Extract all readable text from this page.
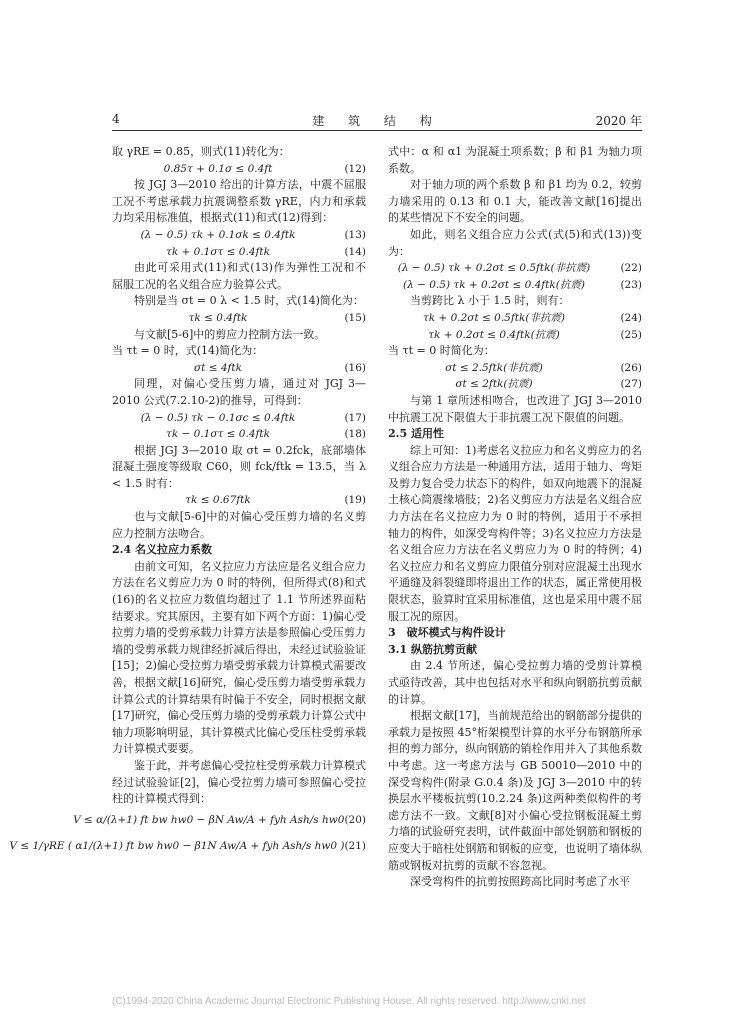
4	建 筑 结 构	2020 年

取 γRE = 0.85，则式(11)转化为：

0.85τ + 0.1σ ≤ 0.4ft	(12)

按 JGJ 3—2010 给出的计算方法，中震不屈服工况不考虑承载力抗震调整系数 γRE，内力和承载力均采用标准值，根据式(11)和式(12)得到：

(λ − 0.5) τk + 0.1σk ≤ 0.4ftk	(13)
τk + 0.1στ ≤ 0.4ftk	(14)

由此可采用式(11)和式(13)作为弹性工况和不屈服工况的名义组合应力验算公式。

特别是当 σt = 0 λ < 1.5 时，式(14)简化为：

τk ≤ 0.4ftk	(15)

与文献[5-6]中的剪应力控制方法一致。

当 τt = 0 时，式(14)简化为：

σt ≤ 4ftk	(16)

同理，对偏心受压剪力墙，通过对 JGJ 3—2010 公式(7.2.10-2)的推导，可得到：

(λ − 0.5) τk − 0.1σc ≤ 0.4ftk	(17)
τk − 0.1στ ≤ 0.4ftk	(18)

根据 JGJ 3—2010 取 σt = 0.2fck，底部墙体混凝土强度等级取 C60，则 fck/ftk = 13.5，当 λ < 1.5 时有：

τk ≤ 0.67ftk	(19)

也与文献[5-6]中的对偏心受压剪力墙的名义剪应力控制方法吻合。

2.4 名义拉应力系数

由前文可知，名义拉应力方法应是名义组合应力方法在名义剪应力为 0 时的特例，但所得式(8)和式(16)的名义拉应力数值均超过了 1.1 节所述界面粘结要求。究其原因，主要有如下两个方面：1)偏心受拉剪力墙的受剪承载力计算方法是参照偏心受压剪力墙的受剪承载力规律经折减后得出，未经过试验验证[15]；2)偏心受拉剪力墙受剪承载力计算模式需要改善，根据文献[16]研究，偏心受压剪力墙受剪承载力计算公式的计算结果有时偏于不安全，同时根据文献[17]研究，偏心受压剪力墙的受剪承载力计算公式中轴力项影响明显，其计算模式比偏心受压柱受剪承载力计算模式要要。

鉴于此，并考虑偏心受拉柱受剪承载力计算模式经过试验验证[2]，偏心受拉剪力墙可参照偏心受拉柱的计算模式得到：

V ≤ α/(λ+1) ft bw hw0 − βN Aw/A + fyh Ash/s hw0 (20)
V ≤ 1/γRE ( α1/(λ+1) ft bw hw0 − β1N Aw/A + fyh Ash/s hw0 ) (21)

式中：α 和 α1 为混凝土项系数；β 和 β1 为轴力项系数。

对于轴力项的两个系数 β 和 β1 均为 0.2，较剪力墙采用的 0.13 和 0.1 大，能改善文献[16]提出的某些情况下不安全的问题。

如此，则名义组合应力公式(式(5)和式(13))变为：

(λ − 0.5) τk + 0.2σt ≤ 0.5ftk(非抗震)	(22)
(λ − 0.5) τk + 0.2σt ≤ 0.4ftk(抗震)	(23)

当剪跨比 λ 小于 1.5 时，则有：

τk + 0.2σt ≤ 0.5ftk(非抗震)	(24)
τk + 0.2σt ≤ 0.4ftk(抗震)	(25)

当 τt = 0 时简化为：

σt ≤ 2.5ftk(非抗震)	(26)
σt ≤ 2ftk(抗震)	(27)

与第 1 章所述相吻合，也改进了 JGJ 3—2010 中抗震工况下限值大于非抗震工况下限值的问题。

2.5 适用性

综上可知：1)考虑名义拉应力和名义剪应力的名义组合应力方法是一种通用方法，适用于轴力、弯矩及剪力复合受力状态下的构件，如双向地震下的混凝土核心筒震缘墙肢；2)名义剪应力方法是名义组合应力方法在名义拉应力为 0 时的特例，适用于不承担轴力的构件，如深受弯构件等；3)名义拉应力方法是名义组合应力方法在名义剪应力为 0 时的特例；4)名义拉应力和名义剪应力限值分别对应混凝土出现水平通缝及斜裂缝即将退出工作的状态，属正常使用极限状态，验算时宜采用标准值，这也是采用中震不屈服工况的原因。

3　破坏模式与构件设计

3.1 纵筋抗剪贡献

由 2.4 节所述，偏心受拉剪力墙的受剪计算模式亟待改善，其中也包括对水平和纵向钢筋抗剪贡献的计算。

根据文献[17]，当前规范给出的钢筋部分提供的承载力是按照 45°桁架模型计算的水平分布钢筋所承担的剪力部分，纵向钢筋的销栓作用并入了其他系数中考虑。这一考虑方法与 GB 50010—2010 中的深受弯构件(附录 G.0.4 条)及 JGJ 3—2010 中的转换层水平楼板抗剪(10.2.24 条)这两种类似构件的考虑方法不一致。文献[8]对小偏心受拉钢板混凝土剪力墙的试验研究表明，试件截面中部处钢筋和钢板的应变大于暗柱处钢筋和钢板的应变，也说明了墙体纵筋或钢板对抗剪的贡献不容忽视。

深受弯构件的抗剪按照跨高比同时考虑了水平

(C)1994-2020 China Academic Journal Electronic Publishing House. All rights reserved. http://www.cnki.net
